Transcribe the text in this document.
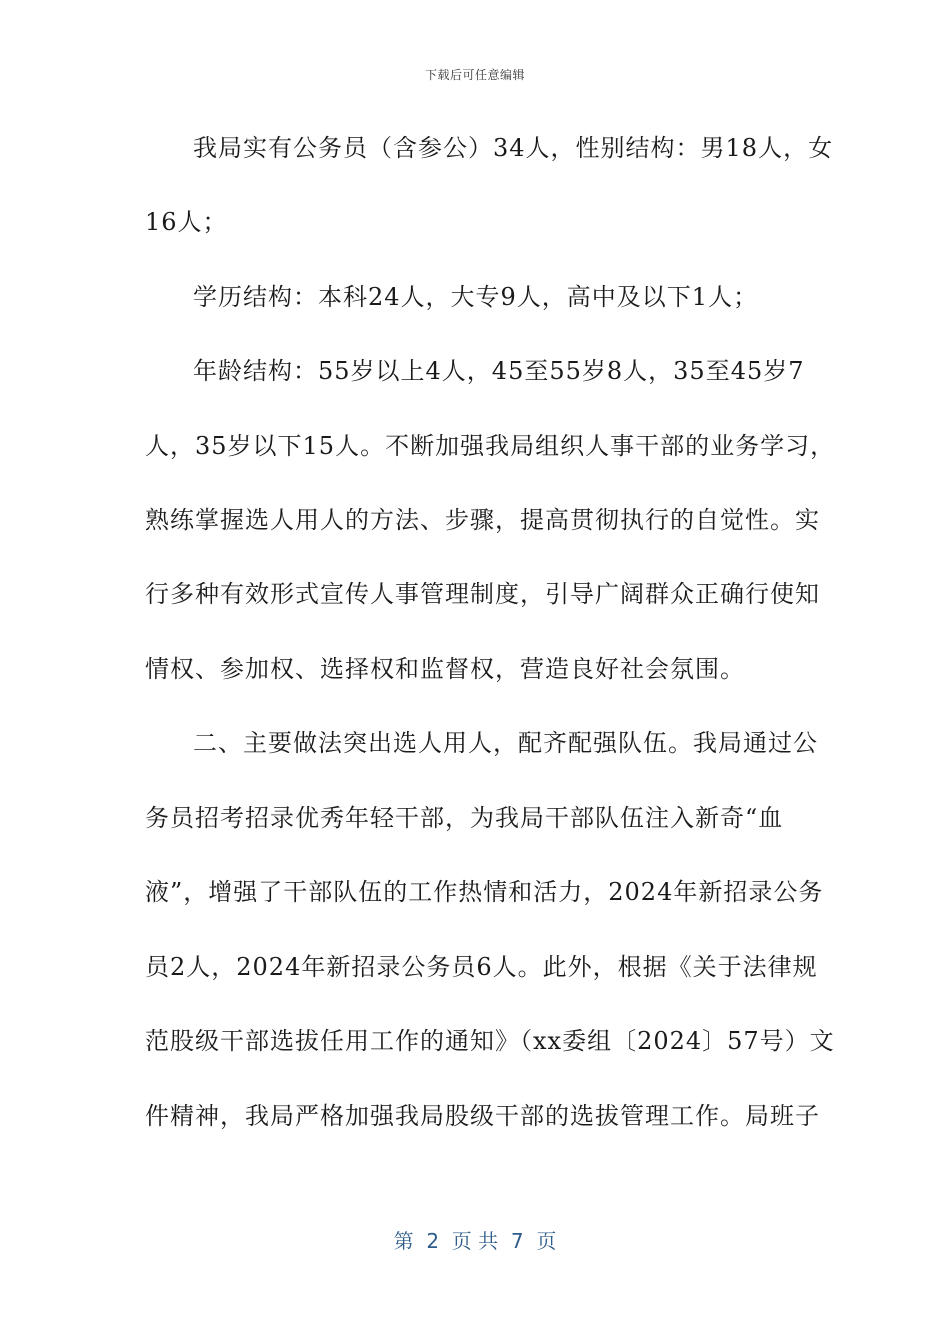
下载后可任意编辑
我局实有公务员（含参公）34人，性别结构：男18人，女
16人；
学历结构：本科24人，大专9人，高中及以下1人；
年龄结构：55岁以上4人，45至55岁8人，35至45岁7
人，35岁以下15人。不断加强我局组织人事干部的业务学习，
熟练掌握选人用人的方法、步骤，提高贯彻执行的自觉性。实
行多种有效形式宣传人事管理制度，引导广阔群众正确行使知
情权、参加权、选择权和监督权，营造良好社会氛围。
二、主要做法突出选人用人，配齐配强队伍。我局通过公
务员招考招录优秀年轻干部，为我局干部队伍注入新奇“血
液”，增强了干部队伍的工作热情和活力，2024年新招录公务
员2人，2024年新招录公务员6人。此外，根据《关于法律规
范股级干部选拔任用工作的通知》（xx委组〔2024〕57号）文
件精神，我局严格加强我局股级干部的选拔管理工作。局班子
第  2  页 共  7  页
